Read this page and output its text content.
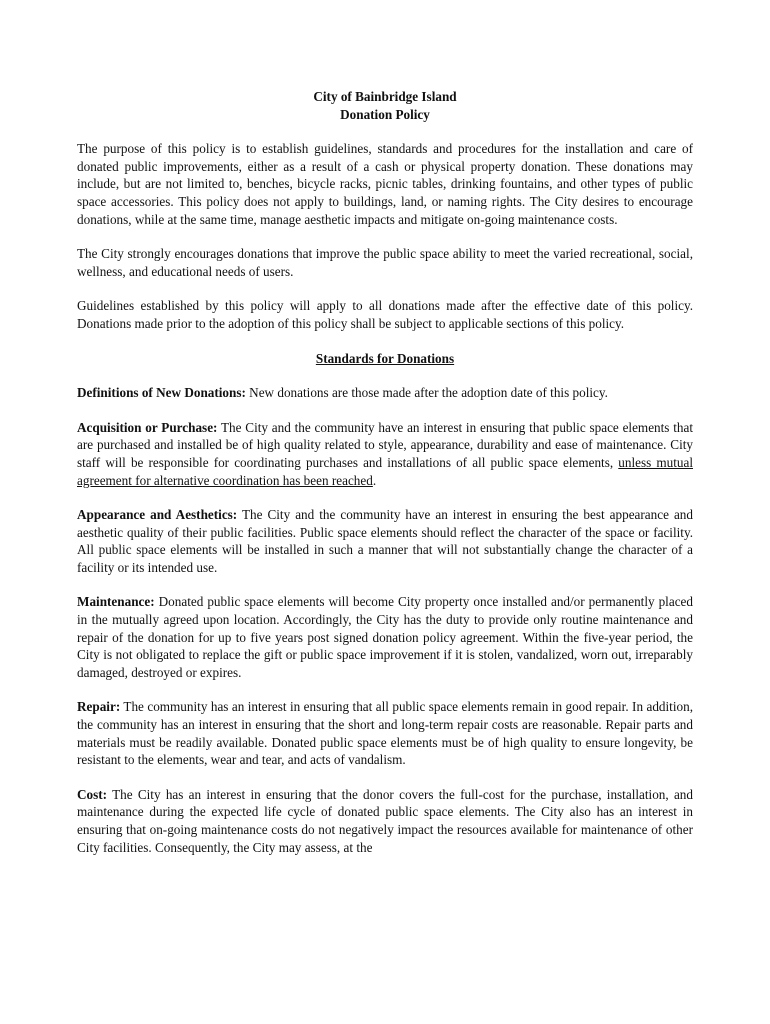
City of Bainbridge Island
Donation Policy

The purpose of this policy is to establish guidelines, standards and procedures for the installation and care of donated public improvements, either as a result of a cash or physical property donation. These donations may include, but are not limited to, benches, bicycle racks, picnic tables, drinking fountains, and other types of public space accessories. This policy does not apply to buildings, land, or naming rights. The City desires to encourage donations, while at the same time, manage aesthetic impacts and mitigate on-going maintenance costs.

The City strongly encourages donations that improve the public space ability to meet the varied recreational, social, wellness, and educational needs of users.

Guidelines established by this policy will apply to all donations made after the effective date of this policy. Donations made prior to the adoption of this policy shall be subject to applicable sections of this policy.

Standards for Donations

Definitions of New Donations: New donations are those made after the adoption date of this policy.

Acquisition or Purchase: The City and the community have an interest in ensuring that public space elements that are purchased and installed be of high quality related to style, appearance, durability and ease of maintenance. City staff will be responsible for coordinating purchases and installations of all public space elements, unless mutual agreement for alternative coordination has been reached.

Appearance and Aesthetics: The City and the community have an interest in ensuring the best appearance and aesthetic quality of their public facilities. Public space elements should reflect the character of the space or facility. All public space elements will be installed in such a manner that will not substantially change the character of a facility or its intended use.

Maintenance: Donated public space elements will become City property once installed and/or permanently placed in the mutually agreed upon location. Accordingly, the City has the duty to provide only routine maintenance and repair of the donation for up to five years post signed donation policy agreement. Within the five-year period, the City is not obligated to replace the gift or public space improvement if it is stolen, vandalized, worn out, irreparably damaged, destroyed or expires.

Repair: The community has an interest in ensuring that all public space elements remain in good repair. In addition, the community has an interest in ensuring that the short and long-term repair costs are reasonable. Repair parts and materials must be readily available. Donated public space elements must be of high quality to ensure longevity, be resistant to the elements, wear and tear, and acts of vandalism.

Cost: The City has an interest in ensuring that the donor covers the full-cost for the purchase, installation, and maintenance during the expected life cycle of donated public space elements. The City also has an interest in ensuring that on-going maintenance costs do not negatively impact the resources available for maintenance of other City facilities. Consequently, the City may assess, at the
